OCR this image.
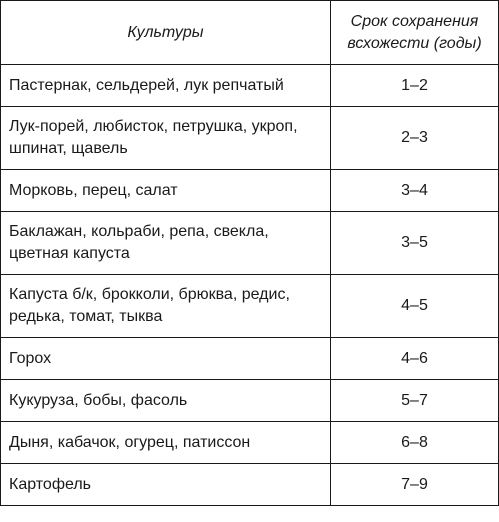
Культуры	Срок сохранения всхожести (годы)
Пастернак, сельдерей, лук репчатый	1–2
Лук-порей, любисток, петрушка, укроп, шпинат, щавель	2–3
Морковь, перец, салат	3–4
Баклажан, кольраби, репа, свекла, цветная капуста	3–5
Капуста б/к, брокколи, брюква, редис, редька, томат, тыква	4–5
Горох	4–6
Кукуруза, бобы, фасоль	5–7
Дыня, кабачок, огурец, патиссон	6–8
Картофель	7–9
